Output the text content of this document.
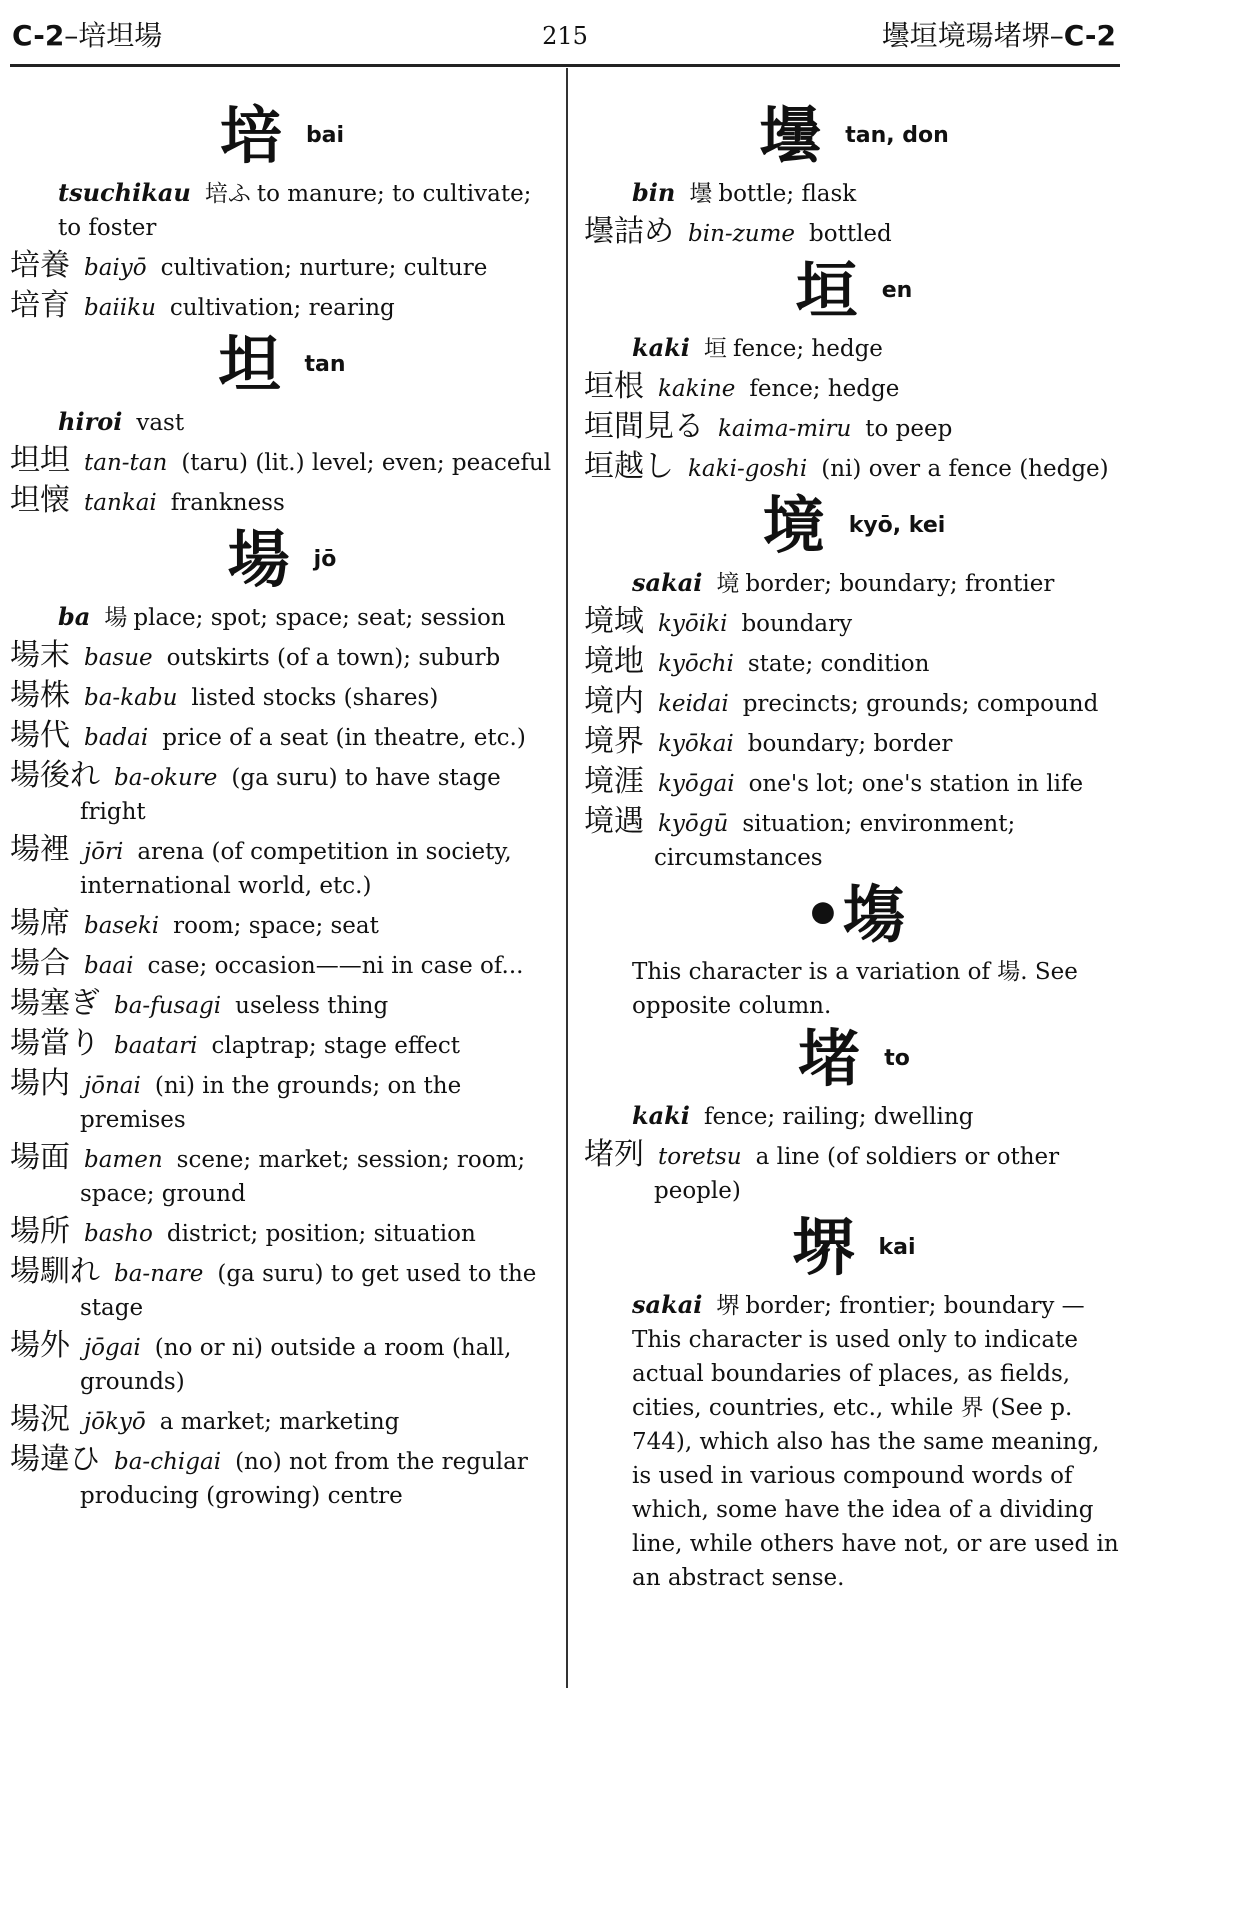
C-2–培坦場	215	壜垣境瑒堵堺–C-2
培 bai
tsuchikau 培ふ to manure; to cultivate; to foster
培養 baiyō cultivation; nurture; culture
培育 baiiku cultivation; rearing
坦 tan
hiroi vast
坦坦 tan-tan (taru) (lit.) level; even; peaceful
坦懐 tankai frankness
場 jō
ba 場 place; spot; space; seat; session
場末 basue outskirts (of a town); suburb
場株 ba-kabu listed stocks (shares)
場代 badai price of a seat (in theatre, etc.)
場後れ ba-okure (ga suru) to have stage fright
場裡 jōri arena (of competition in society, international world, etc.)
場席 baseki room; space; seat
場合 baai case; occasion——ni in case of...
場塞ぎ ba-fusagi useless thing
場當り baatari claptrap; stage effect
場内 jōnai (ni) in the grounds; on the premises
場面 bamen scene; market; session; room; space; ground
場所 basho district; position; situation
場馴れ ba-nare (ga suru) to get used to the stage
場外 jōgai (no or ni) outside a room (hall, grounds)
場況 jōkyō a market; marketing
場違ひ ba-chigai (no) not from the regular producing (growing) centre
壜 tan, don
bin 壜 bottle; flask
壜詰め bin-zume bottled
垣 en
kaki 垣 fence; hedge
垣根 kakine fence; hedge
垣間見る kaima-miru to peep
垣越し kaki-goshi (ni) over a fence (hedge)
境 kyō, kei
sakai 境 border; boundary; frontier
境域 kyōiki boundary
境地 kyōchi state; condition
境内 keidai precincts; grounds; compound
境界 kyōkai boundary; border
境涯 kyōgai one's lot; one's station in life
境遇 kyōgū situation; environment; circumstances
•塲

This character is a variation of 場. See opposite column.

堵 to
kaki fence; railing; dwelling
堵列 toretsu a line (of soldiers or other people)
堺 kai
sakai 堺 border; frontier; boundary —This character is used only to indicate actual boundaries of places, as fields, cities, countries, etc., while 界 (See p. 744), which also has the same meaning, is used in various compound words of which, some have the idea of a dividing line, while others have not, or are used in an abstract sense.
